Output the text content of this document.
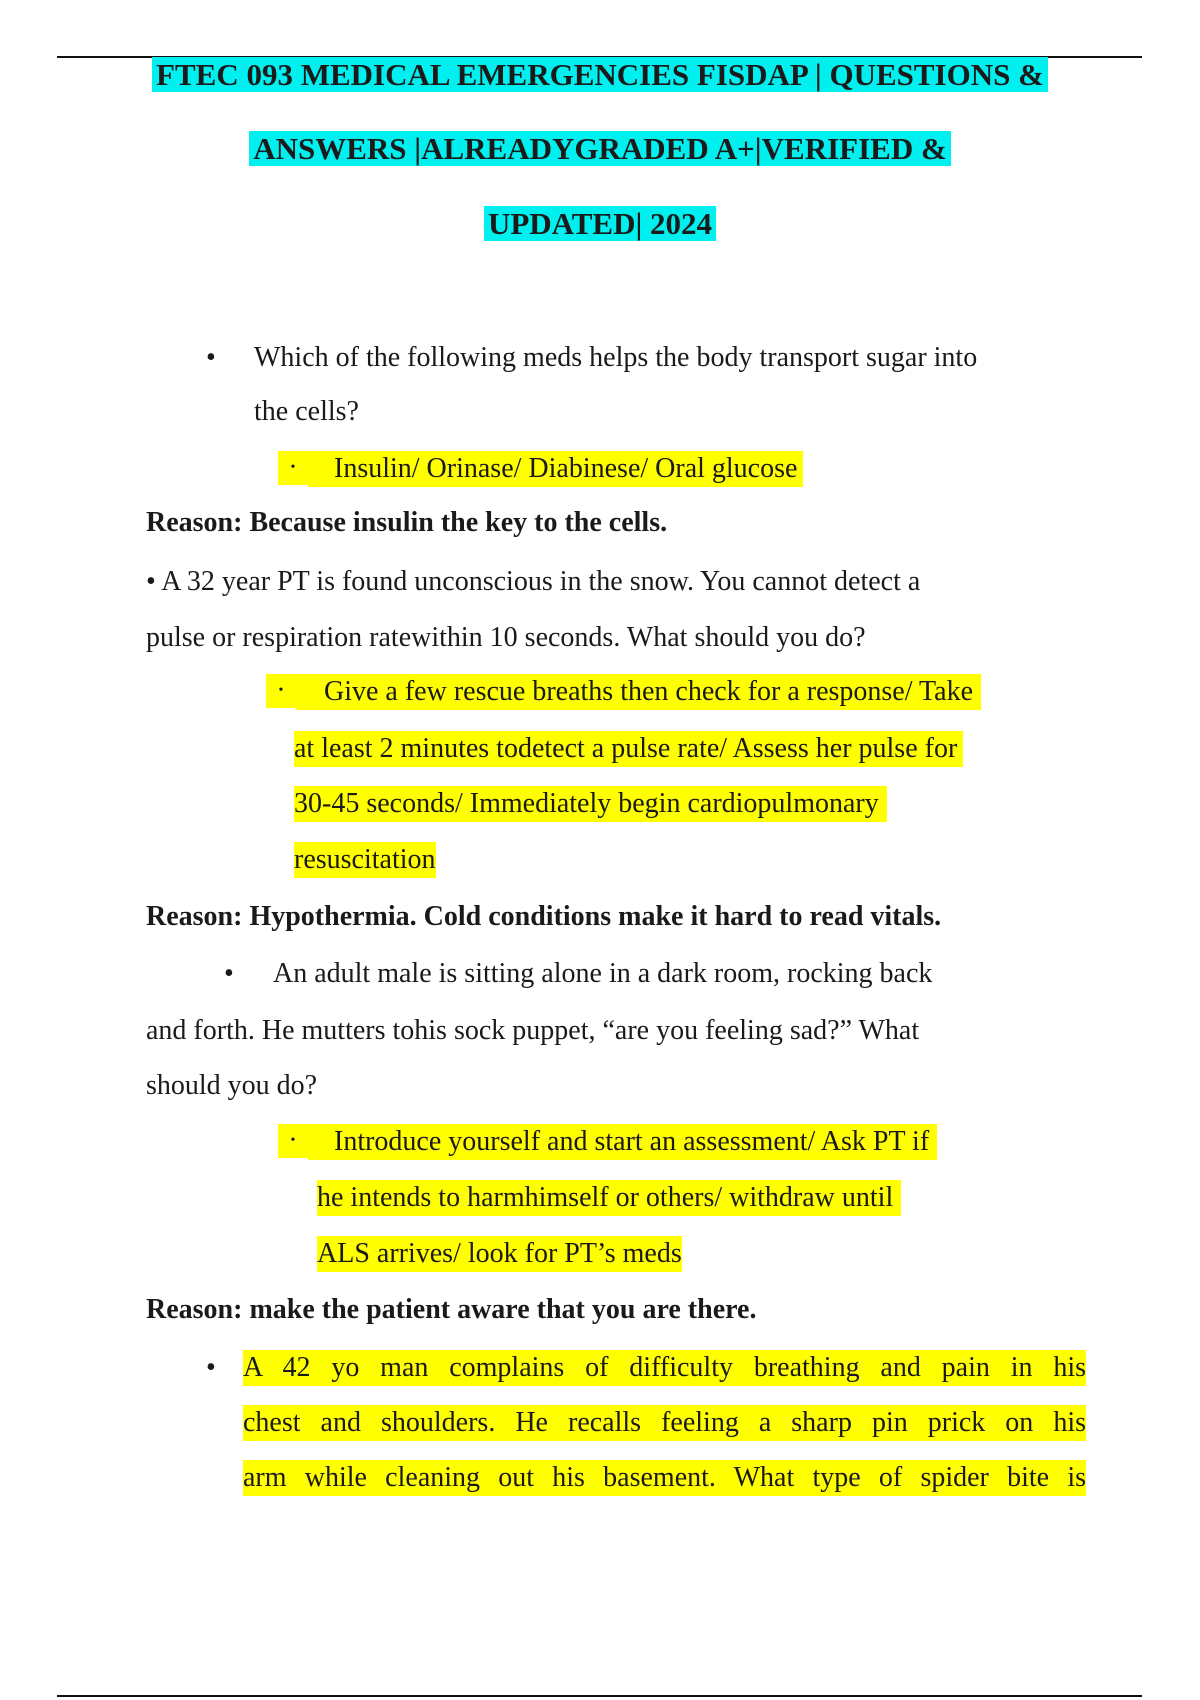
FTEC 093 MEDICAL EMERGENCIES FISDAP | QUESTIONS &
ANSWERS |ALREADYGRADED A+|VERIFIED &
UPDATED| 2024
• Which of the following meds helps the body transport sugar into
the cells?
•	Insulin/ Orinase/ Diabinese/ Oral glucose
Reason: Because insulin the key to the cells.
• A 32 year PT is found unconscious in the snow. You cannot detect a
pulse or respiration ratewithin 10 seconds. What should you do?
•	Give a few rescue breaths then check for a response/ Take
at least 2 minutes todetect a pulse rate/ Assess her pulse for
30-45 seconds/ Immediately begin cardiopulmonary
resuscitation
Reason: Hypothermia. Cold conditions make it hard to read vitals.
• An adult male is sitting alone in a dark room, rocking back
and forth. He mutters tohis sock puppet, “are you feeling sad?” What
should you do?
•	Introduce yourself and start an assessment/ Ask PT if
he intends to harmhimself or others/ withdraw until
ALS arrives/ look for PT’s meds
Reason: make the patient aware that you are there.
• A 42 yo man complains of difficulty breathing and pain in his
chest and shoulders. He recalls feeling a sharp pin prick on his
arm while cleaning out his basement. What type of spider bite is
